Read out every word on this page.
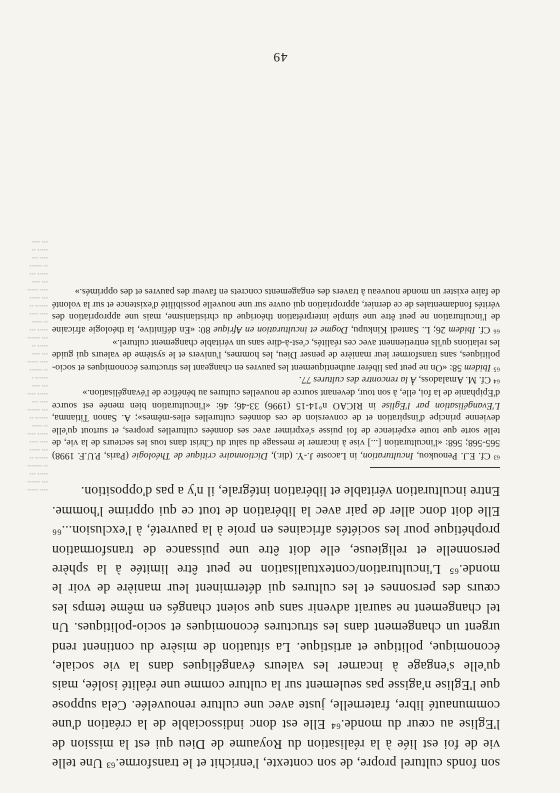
▪▪▪▪ ▪▪▪▪▪
▪▪▪ ▪▪▪▪▪▪
▪▪▪▪▪ ▪▪▪
▪▪ ▪▪▪▪▪▪▪
▪▪▪▪▪▪ ▪▪
▪▪▪ ▪▪▪▪▪
▪▪▪▪ ▪▪▪▪
▪▪▪▪▪ ▪▪▪▪
▪▪ ▪▪▪▪▪
▪▪▪▪▪▪ ▪▪
▪▪▪ ▪▪▪▪▪▪
▪▪▪▪ ▪▪▪
▪▪▪▪▪ ▪▪▪▪
▪▪▪ ▪▪▪▪
▪▪▪▪▪▪ ▪
▪▪ ▪▪▪▪▪▪
▪▪▪▪ ▪▪▪▪▪
▪▪▪ ▪▪▪▪
▪▪▪▪▪ ▪▪
▪▪▪ ▪▪▪▪▪▪
▪▪▪▪▪ ▪▪▪
▪▪ ▪▪▪▪▪
▪▪▪▪ ▪▪▪▪
▪▪▪▪▪▪ ▪▪
▪▪▪ ▪▪▪▪▪
▪▪▪▪ ▪▪▪▪▪
▪▪▪ ▪▪▪▪
▪▪▪▪▪ ▪▪▪
▪▪ ▪▪▪▪▪▪
▪▪▪▪ ▪▪▪
▪▪▪▪▪ ▪▪
▪▪▪ ▪▪▪▪

son fonds culturel propre, de son contexte, l'enrichit et le transforme.⁶³ Une telle vie de foi est liée à la réalisation du Royaume de Dieu qui est la mission de l'Eglise au cœur du monde.⁶⁴ Elle est donc indissociable de la création d'une communauté libre, fraternelle, juste avec une culture renouvelée. Cela suppose que l'Eglise n'agisse pas seulement sur la culture comme une réalité isolée, mais qu'elle s'engage à incarner les valeurs évangéliques dans la vie sociale, économique, politique et artistique. La situation de misère du continent rend urgent un changement dans les structures économiques et socio-politiques. Un tel changement ne saurait advenir sans que soient changés en même temps les cœurs des personnes et les cultures qui déterminent leur manière de voir le monde.⁶⁵ L'inculturation/contextualisation ne peut être limitée à la sphère personnelle et religieuse, elle doit être une puissance de transformation prophétique pour les sociétés africaines en proie à la pauvreté, à l'exclusion...⁶⁶ Elle doit donc aller de pair avec la libération de tout ce qui opprime l'homme. Entre inculturation véritable et libération intégrale, il n'y a pas d'opposition.

⁶³ Cf. E.J. Penoukou, Inculturation, in Lacoste J.-Y. (dir.), Dictionnaire critique de Théologie (Paris, P.U.F. 1998) 565-568; 568: «l'inculturation [...] vise à incarner le message du salut du Christ dans tous les secteurs de la vie, de telle sorte que toute expérience de foi puisse s'exprimer avec ses données culturelles propres, et surtout qu'elle devienne principe d'inspiration et de conversion de ces données culturelles elles-mêmes»; A. Sanon Titianma, L'Evangélisation par l'Eglise in RICAO n°14-15 (1996) 33-46; 46: «l'inculturation bien menée est source d'Epiphanie de la foi, elle, à son tour, devenant source de nouvelles cultures au bénéfice de l'évangélisation.»

⁶⁴ Cf. M. Amaladoss, À la rencontre des cultures 77.

⁶⁵ Ibidem 58: «On ne peut pas libérer authentiquement les pauvres en changeant les structures économiques et socio-politiques, sans transformer leur manière de penser Dieu, les hommes, l'univers et le système de valeurs qui guide les relations qu'ils entretiennent avec ces réalités, c'est-à-dire sans un véritable changement culturel.»

⁶⁶ Cf. Ibidem 26; L. Santedi Kinkupu, Dogme et inculturation en Afrique 80: «En définitive, la théologie africaine de l'inculturation ne peut être une simple interprétation théorique du christianisme, mais une appropriation des vérités fondamentales de ce dernier, appropriation qui ouvre sur une nouvelle possibilité d'existence et sur la volonté de faire exister un monde nouveau à travers des engagements concrets en faveur des pauvres et des opprimés.»

49
